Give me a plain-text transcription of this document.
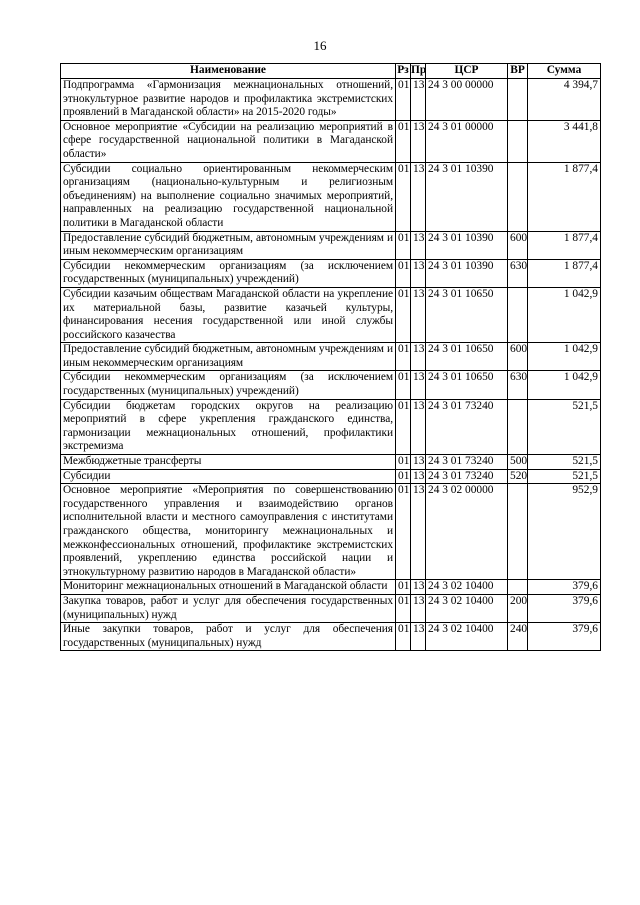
16
Наименование	Рз	Пр	ЦСР	ВР	Сумма
Подпрограмма «Гармонизация межнациональных отношений, этнокультурное развитие народов и профилактика экстремистских проявлений в Магаданской области» на 2015-2020 годы»	01	13	24 3 00 00000		4 394,7
Основное мероприятие «Субсидии на реализацию мероприятий в сфере государственной национальной политики в Магаданской области»	01	13	24 3 01 00000		3 441,8
Субсидии социально ориентированным некоммерческим организациям (национально-культурным и религиозным объединениям) на выполнение социально значимых мероприятий, направленных на реализацию государственной национальной политики в Магаданской области	01	13	24 3 01 10390		1 877,4
Предоставление субсидий бюджетным, автономным учреждениям и иным некоммерческим организациям	01	13	24 3 01 10390	600	1 877,4
Субсидии некоммерческим организациям (за исключением государственных (муниципальных) учреждений)	01	13	24 3 01 10390	630	1 877,4
Субсидии казачьим обществам Магаданской области на укрепление их материальной базы, развитие казачьей культуры, финансирования несения государственной или иной службы российского казачества	01	13	24 3 01 10650		1 042,9
Предоставление субсидий бюджетным, автономным учреждениям и иным некоммерческим организациям	01	13	24 3 01 10650	600	1 042,9
Субсидии некоммерческим организациям (за исключением государственных (муниципальных) учреждений)	01	13	24 3 01 10650	630	1 042,9
Субсидии бюджетам городских округов на реализацию мероприятий в сфере укрепления гражданского единства, гармонизации межнациональных отношений, профилактики экстремизма	01	13	24 3 01 73240		521,5
Межбюджетные трансферты	01	13	24 3 01 73240	500	521,5
Субсидии	01	13	24 3 01 73240	520	521,5
Основное мероприятие «Мероприятия по совершенствованию государственного управления и взаимодействию органов исполнительной власти и местного самоуправления с институтами гражданского общества, мониторингу межнациональных и межконфессиональных отношений, профилактике экстремистских проявлений, укреплению единства российской нации и этнокультурному развитию народов в Магаданской области»	01	13	24 3 02 00000		952,9
Мониторинг межнациональных отношений в Магаданской области	01	13	24 3 02 10400		379,6
Закупка товаров, работ и услуг для обеспечения государственных (муниципальных) нужд	01	13	24 3 02 10400	200	379,6
Иные закупки товаров, работ и услуг для обеспечения государственных (муниципальных) нужд	01	13	24 3 02 10400	240	379,6
